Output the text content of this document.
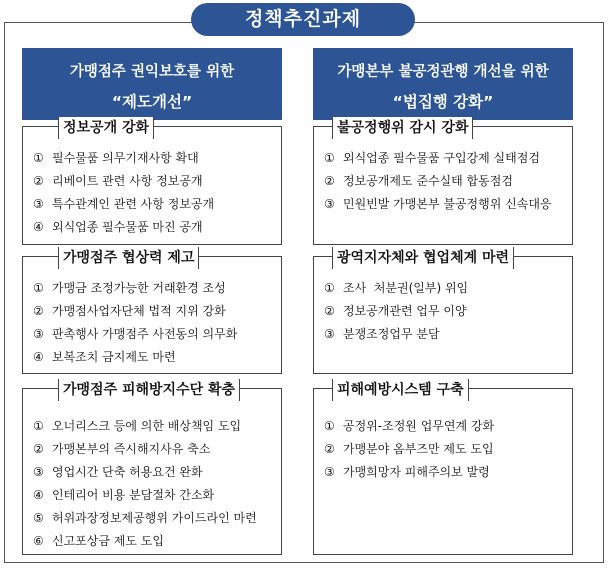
정책추진과제
가맹점주 권익보호를 위한
“제도개선”
가맹본부 불공정관행 개선을 위한
“법집행 강화”
정보공개 강화
① 필수물품 의무기재사항 확대
② 리베이트 관련 사항 정보공개
③ 특수관계인 관련 사항 정보공개
④ 외식업종 필수물품 마진 공개
가맹점주 협상력 제고
① 가맹금 조정가능한 거래환경 조성
② 가맹점사업자단체 법적 지위 강화
③ 판촉행사 가맹점주 사전동의 의무화
④ 보복조치 금지제도 마련
가맹점주 피해방지수단 확충
① 오너리스크 등에 의한 배상책임 도입
② 가맹본부의 즉시해지사유 축소
③ 영업시간 단축 허용요건 완화
④ 인테리어 비용 분담절차 간소화
⑤ 허위과장정보제공행위 가이드라인 마련
⑥ 신고포상금 제도 도입
불공정행위 감시 강화
① 외식업종 필수물품 구입강제 실태점검
② 정보공개제도 준수실태 합동점검
③ 민원빈발 가맹본부 불공정행위 신속대응
광역지자체와 협업체계 마련
① 조사  처분권(일부) 위임
② 정보공개관련 업무 이양
③ 분쟁조정업무 분담
피해예방시스템 구축
① 공정위-조정원 업무연계 강화
② 가맹분야 옴부즈만 제도 도입
③ 가맹희망자 피해주의보 발령
